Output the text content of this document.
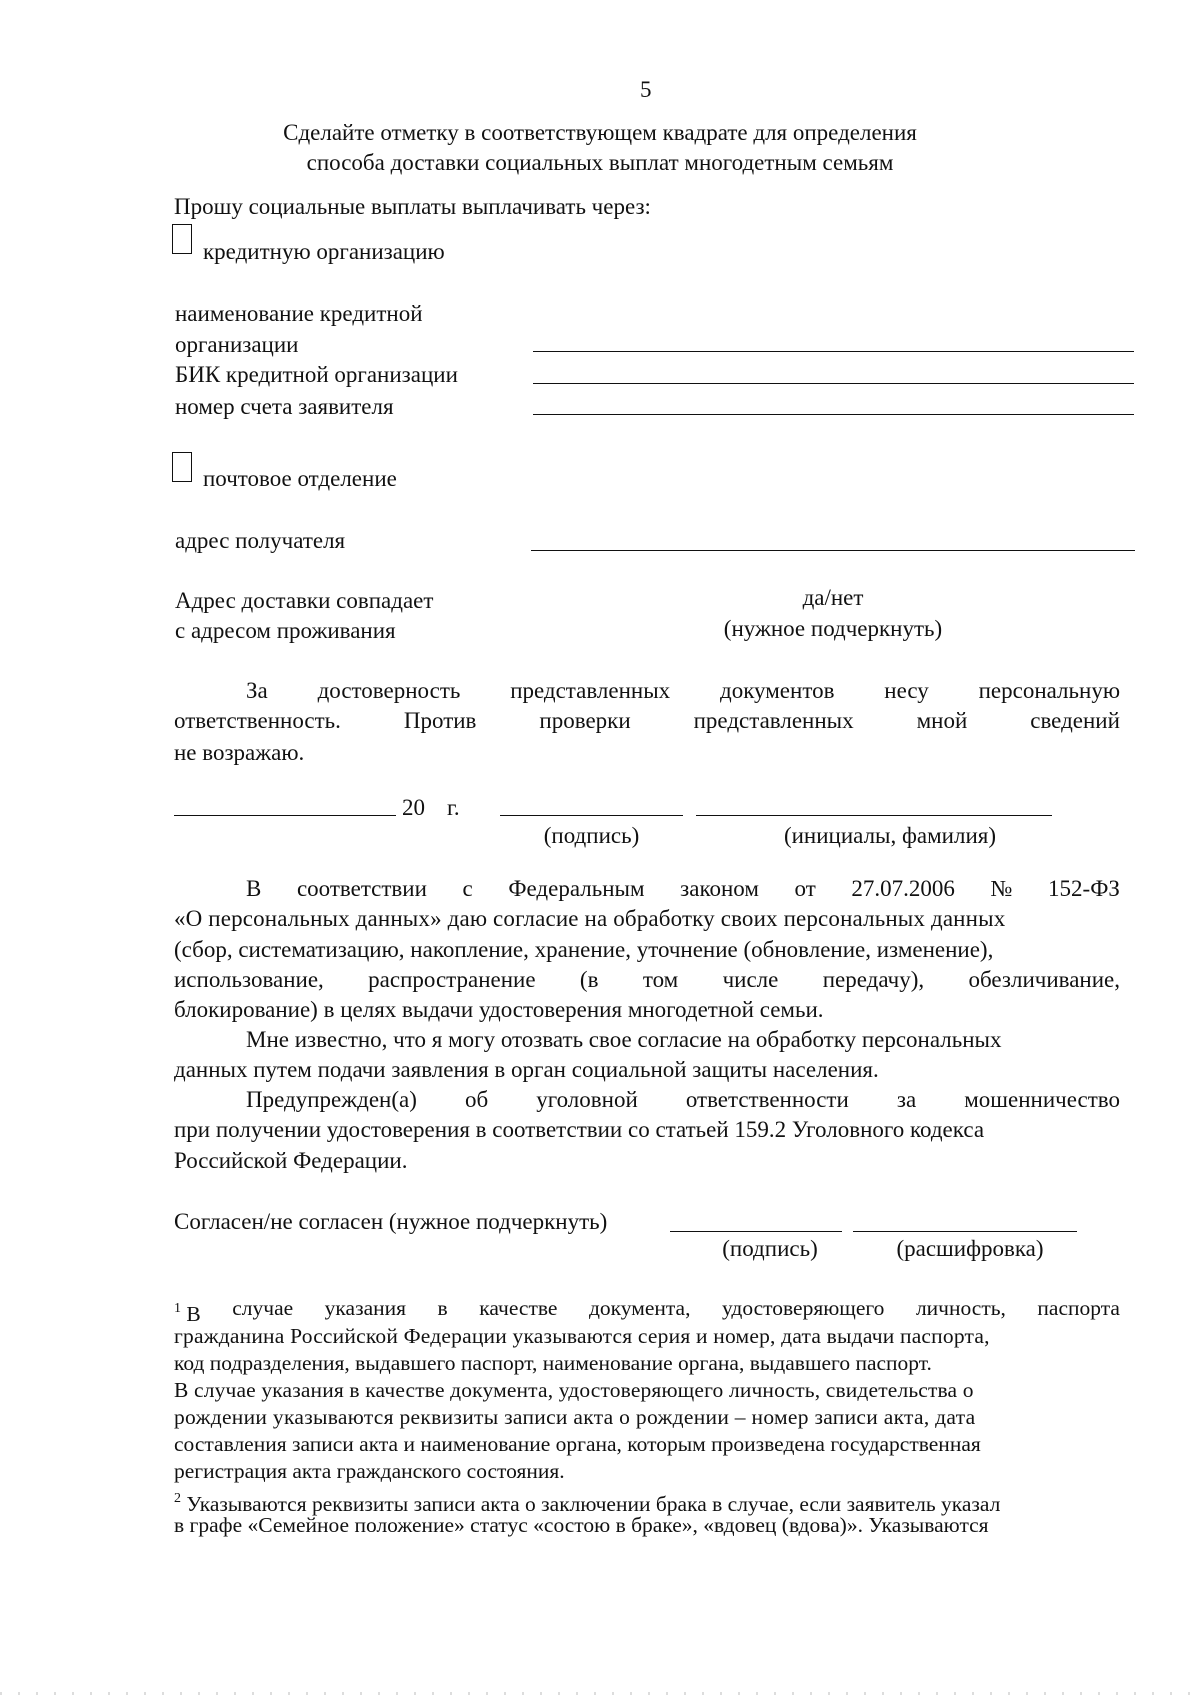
5
Сделайте отметку в соответствующем квадрате для определения
способа доставки социальных выплат многодетным семьям
Прошу социальные выплаты выплачивать через:
кредитную организацию
наименование кредитной
организации
БИК кредитной организации
номер счета заявителя
почтовое отделение
адрес получателя
Адрес доставки совпадает
с адресом проживания
да/нет
(нужное подчеркнуть)
За достоверность представленных документов несу персональную
ответственность.	Против	проверки	представленных	мной	сведений
не возражаю.
20 г.
(подпись)	(инициалы, фамилия)
В соответствии с Федеральным законом от 27.07.2006 № 152-ФЗ
«О персональных данных» даю согласие на обработку своих персональных данных
(сбор, систематизацию, накопление, хранение, уточнение (обновление, изменение),
использование, распространение (в том числе передачу), обезличивание,
блокирование) в целях выдачи удостоверения многодетной семьи.
Мне известно, что я могу отозвать свое согласие на обработку персональных
данных путем подачи заявления в орган социальной защиты населения.
Предупрежден(а) об уголовной ответственности за мошенничество
при получении удостоверения в соответствии со статьей 159.2 Уголовного кодекса
Российской Федерации.
Согласен/не согласен (нужное подчеркнуть)
(подпись)	(расшифровка)
$^1$ В случае указания в качестве документа, удостоверяющего личность, паспорта
гражданина Российской Федерации указываются серия и номер, дата выдачи паспорта,
код подразделения, выдавшего паспорт, наименование органа, выдавшего паспорт.
В случае указания в качестве документа, удостоверяющего личность, свидетельства о
рождении указываются реквизиты записи акта о рождении – номер записи акта, дата
составления записи акта и наименование органа, которым произведена государственная
регистрация акта гражданского состояния.
$^2$ Указываются реквизиты записи акта о заключении брака в случае, если заявитель указал
в графе «Семейное положение» статус «состою в браке», «вдовец (вдова)». Указываются
